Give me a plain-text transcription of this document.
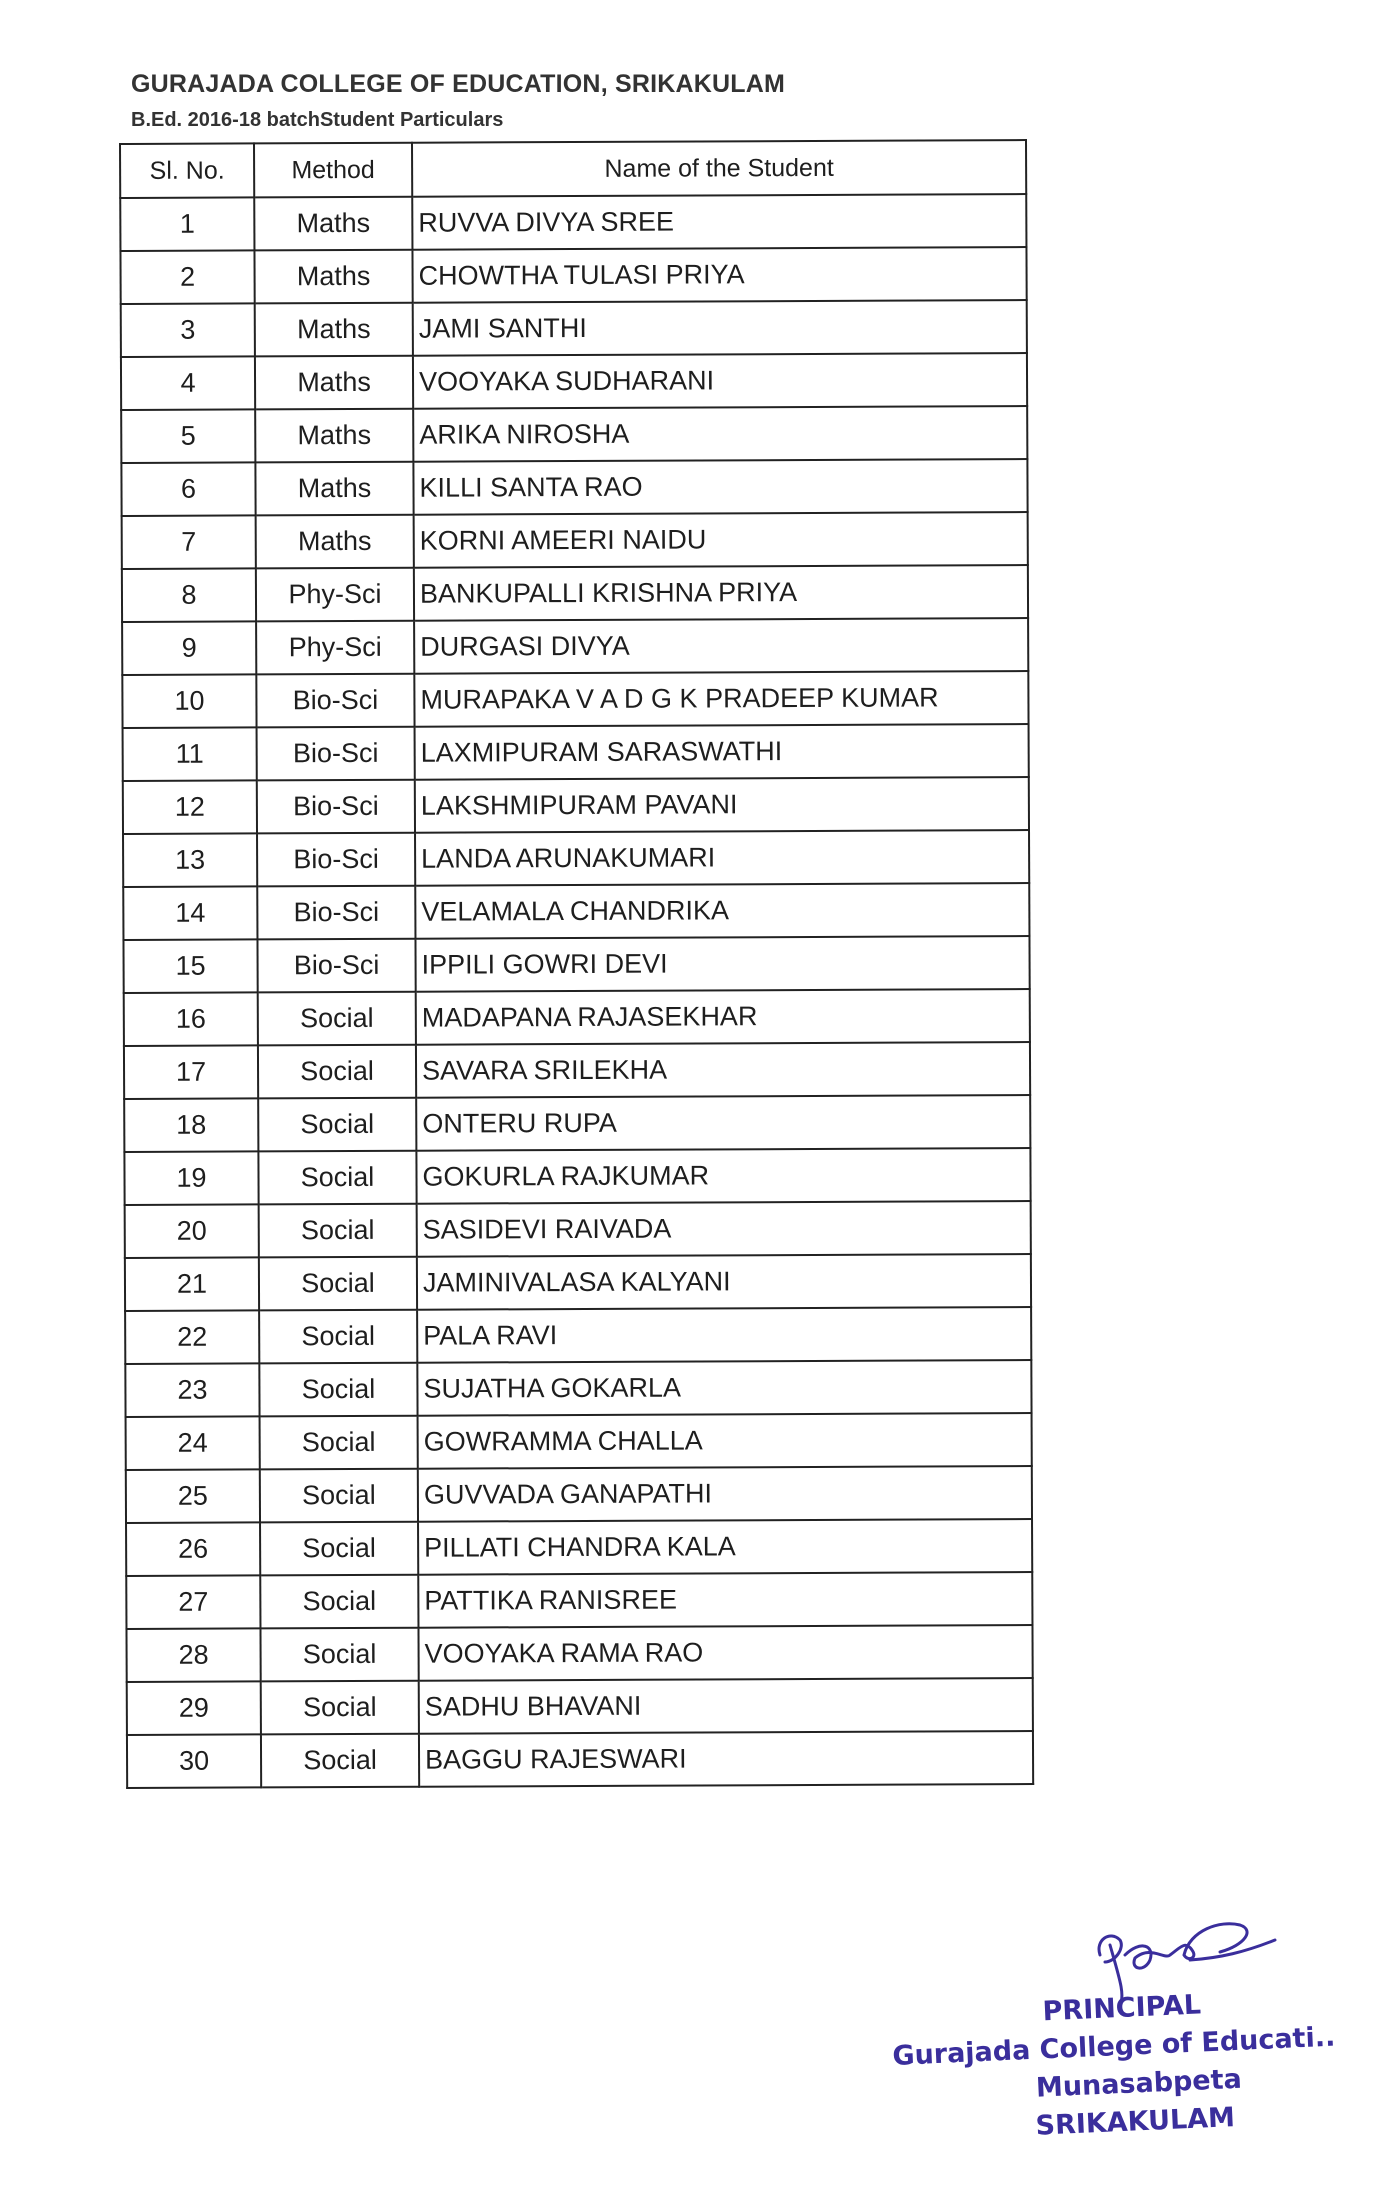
GURAJADA COLLEGE OF EDUCATION, SRIKAKULAM
B.Ed. 2016-18 batchStudent Particulars
Sl. No.	Method	Name of the Student
1	Maths	RUVVA DIVYA SREE
2	Maths	CHOWTHA TULASI PRIYA
3	Maths	JAMI SANTHI
4	Maths	VOOYAKA SUDHARANI
5	Maths	ARIKA NIROSHA
6	Maths	KILLI SANTA RAO
7	Maths	KORNI AMEERI NAIDU
8	Phy-Sci	BANKUPALLI KRISHNA PRIYA
9	Phy-Sci	DURGASI DIVYA
10	Bio-Sci	MURAPAKA V A D G K PRADEEP KUMAR
11	Bio-Sci	LAXMIPURAM SARASWATHI
12	Bio-Sci	LAKSHMIPURAM PAVANI
13	Bio-Sci	LANDA ARUNAKUMARI
14	Bio-Sci	VELAMALA CHANDRIKA
15	Bio-Sci	IPPILI GOWRI DEVI
16	Social	MADAPANA RAJASEKHAR
17	Social	SAVARA SRILEKHA
18	Social	ONTERU RUPA
19	Social	GOKURLA RAJKUMAR
20	Social	SASIDEVI RAIVADA
21	Social	JAMINIVALASA KALYANI
22	Social	PALA RAVI
23	Social	SUJATHA GOKARLA
24	Social	GOWRAMMA CHALLA
25	Social	GUVVADA GANAPATHI
26	Social	PILLATI CHANDRA KALA
27	Social	PATTIKA RANISREE
28	Social	VOOYAKA RAMA RAO
29	Social	SADHU BHAVANI
30	Social	BAGGU RAJESWARI
PRINCIPAL
Gurajada College of Educati..
Munasabpeta
SRIKAKULAM
